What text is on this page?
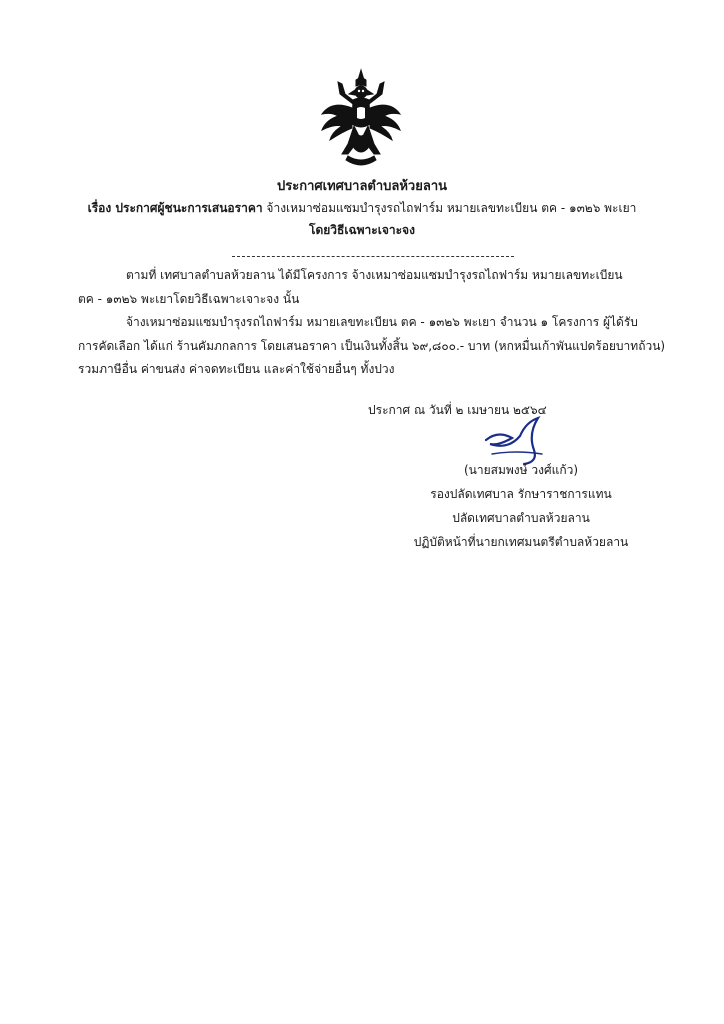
ประกาศเทศบาลตำบลห้วยลาน
เรื่อง ประกาศผู้ชนะการเสนอราคา จ้างเหมาซ่อมแซมบำรุงรถไถฟาร์ม หมายเลขทะเบียน ตค - ๑๓๒๖ พะเยา
โดยวิธีเฉพาะเจาะจง
ตามที่ เทศบาลตำบลห้วยลาน ได้มีโครงการ จ้างเหมาซ่อมแซมบำรุงรถไถฟาร์ม หมายเลขทะเบียน
ตค - ๑๓๒๖ พะเยาโดยวิธีเฉพาะเจาะจง นั้น
จ้างเหมาซ่อมแซมบำรุงรถไถฟาร์ม หมายเลขทะเบียน ตค - ๑๓๒๖ พะเยา จำนวน ๑ โครงการ ผู้ได้รับ
การคัดเลือก ได้แก่ ร้านคัมภกลการ โดยเสนอราคา เป็นเงินทั้งสิ้น ๖๙,๘๐๐.- บาท (หกหมื่นเก้าพันแปดร้อยบาทถ้วน)
รวมภาษีอื่น ค่าขนส่ง ค่าจดทะเบียน และค่าใช้จ่ายอื่นๆ ทั้งปวง
ประกาศ ณ วันที่ ๒ เมษายน ๒๕๖๔
(นายสมพงษ์ วงศ์แก้ว)
รองปลัดเทศบาล รักษาราชการแทน
ปลัดเทศบาลตำบลห้วยลาน
ปฏิบัติหน้าที่นายกเทศมนตรีตำบลห้วยลาน
